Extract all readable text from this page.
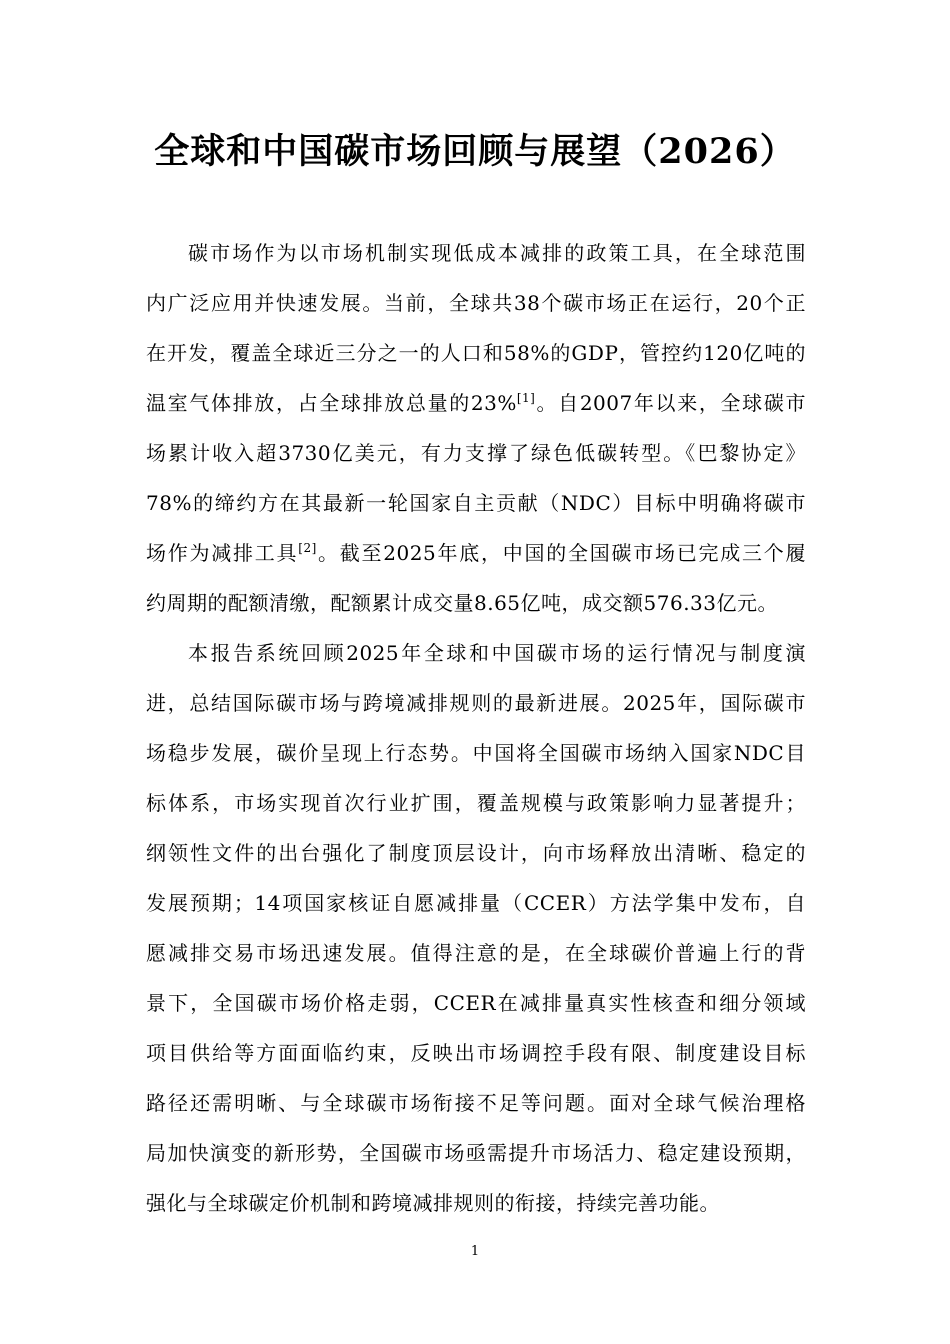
全球和中国碳市场回顾与展望（2026）
碳市场作为以市场机制实现低成本减排的政策工具，在全球范围
内广泛应用并快速发展。当前，全球共38个碳市场正在运行，20个正
在开发，覆盖全球近三分之一的人口和58%的GDP，管控约120亿吨的
温室气体排放，占全球排放总量的23%[1]。自2007年以来，全球碳市
场累计收入超3730亿美元，有力支撑了绿色低碳转型。《巴黎协定》
78%的缔约方在其最新一轮国家自主贡献（NDC）目标中明确将碳市
场作为减排工具[2]。截至2025年底，中国的全国碳市场已完成三个履
约周期的配额清缴，配额累计成交量8.65亿吨，成交额576.33亿元。
本报告系统回顾2025年全球和中国碳市场的运行情况与制度演
进，总结国际碳市场与跨境减排规则的最新进展。2025年，国际碳市
场稳步发展，碳价呈现上行态势。中国将全国碳市场纳入国家NDC目
标体系，市场实现首次行业扩围，覆盖规模与政策影响力显著提升；
纲领性文件的出台强化了制度顶层设计，向市场释放出清晰、稳定的
发展预期；14项国家核证自愿减排量（CCER）方法学集中发布，自
愿减排交易市场迅速发展。值得注意的是，在全球碳价普遍上行的背
景下，全国碳市场价格走弱，CCER在减排量真实性核查和细分领域
项目供给等方面面临约束，反映出市场调控手段有限、制度建设目标
路径还需明晰、与全球碳市场衔接不足等问题。面对全球气候治理格
局加快演变的新形势，全国碳市场亟需提升市场活力、稳定建设预期，
强化与全球碳定价机制和跨境减排规则的衔接，持续完善功能。
1
